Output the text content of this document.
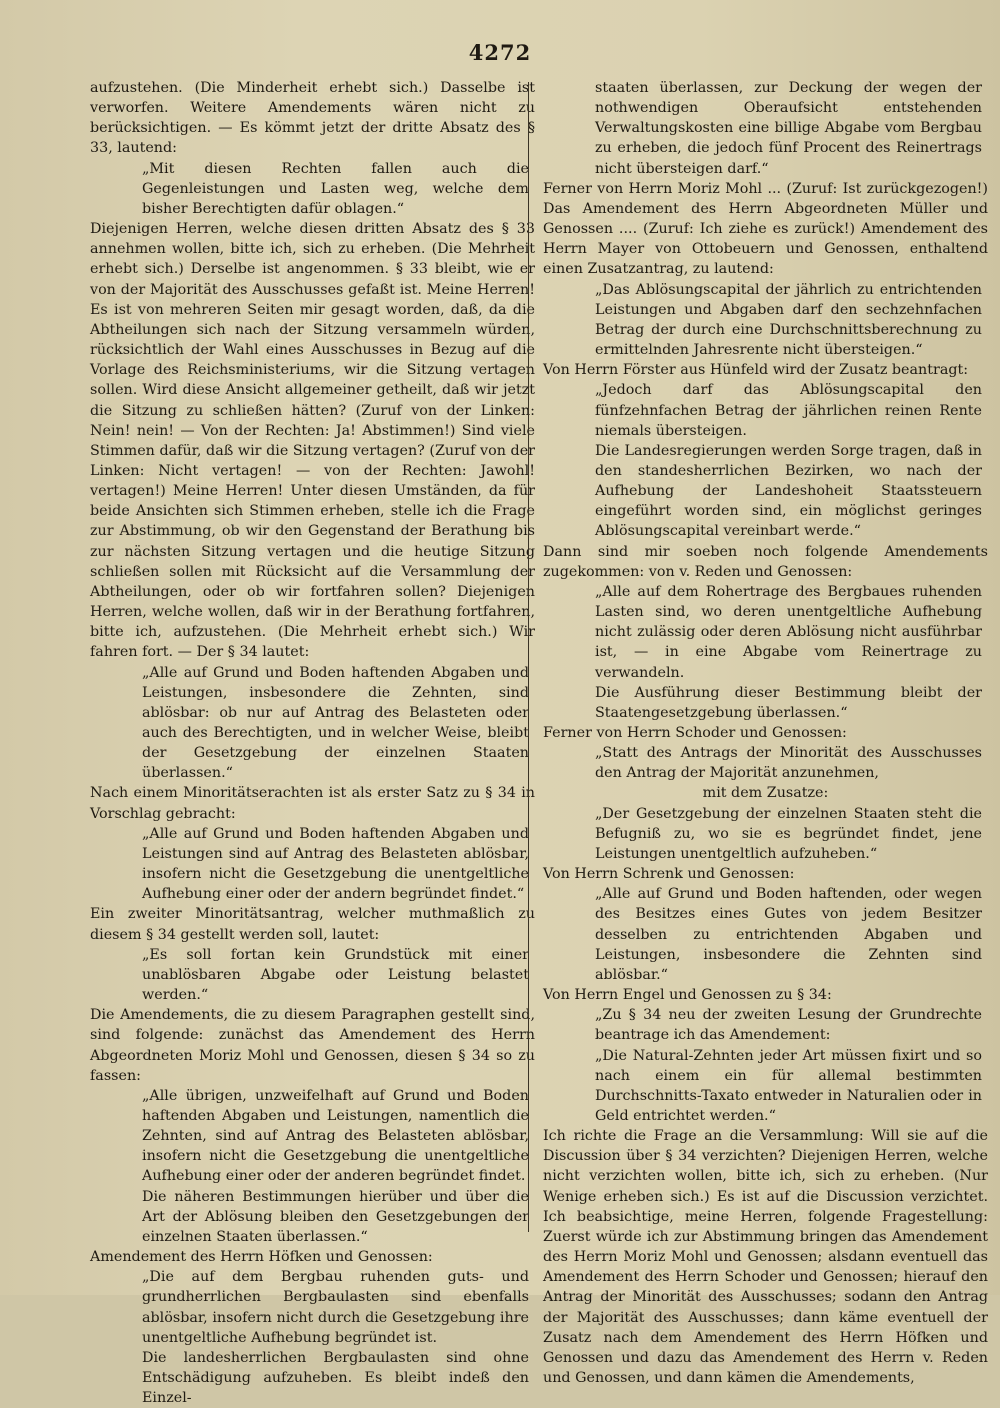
4272

aufzustehen. (Die Minderheit erhebt sich.) Dasselbe ist verworfen. Weitere Amendements wären nicht zu berücksichtigen. — Es kömmt jetzt der dritte Absatz des § 33, lautend:

„Mit diesen Rechten fallen auch die Gegenleistungen und Lasten weg, welche dem bisher Berechtigten dafür oblagen.“

Diejenigen Herren, welche diesen dritten Absatz des § 33 annehmen wollen, bitte ich, sich zu erheben. (Die Mehrheit erhebt sich.) Derselbe ist angenommen. § 33 bleibt, wie er von der Majorität des Ausschusses gefaßt ist. Meine Herren! Es ist von mehreren Seiten mir gesagt worden, daß, da die Abtheilungen sich nach der Sitzung versammeln würden, rücksichtlich der Wahl eines Ausschusses in Bezug auf die Vorlage des Reichsministeriums, wir die Sitzung vertagen sollen. Wird diese Ansicht allgemeiner getheilt, daß wir jetzt die Sitzung zu schließen hätten? (Zuruf von der Linken: Nein! nein! — Von der Rechten: Ja! Abstimmen!) Sind viele Stimmen dafür, daß wir die Sitzung vertagen? (Zuruf von der Linken: Nicht vertagen! — von der Rechten: Jawohl! vertagen!) Meine Herren! Unter diesen Umständen, da für beide Ansichten sich Stimmen erheben, stelle ich die Frage zur Abstimmung, ob wir den Gegenstand der Berathung bis zur nächsten Sitzung vertagen und die heutige Sitzung schließen sollen mit Rücksicht auf die Versammlung der Abtheilungen, oder ob wir fortfahren sollen? Diejenigen Herren, welche wollen, daß wir in der Berathung fortfahren, bitte ich, aufzustehen. (Die Mehrheit erhebt sich.) Wir fahren fort. — Der § 34 lautet:

„Alle auf Grund und Boden haftenden Abgaben und Leistungen, insbesondere die Zehnten, sind ablösbar: ob nur auf Antrag des Belasteten oder auch des Berechtigten, und in welcher Weise, bleibt der Gesetzgebung der einzelnen Staaten überlassen.“

Nach einem Minoritätserachten ist als erster Satz zu § 34 in Vorschlag gebracht:

„Alle auf Grund und Boden haftenden Abgaben und Leistungen sind auf Antrag des Belasteten ablösbar, insofern nicht die Gesetzgebung die unentgeltliche Aufhebung einer oder der andern begründet findet.“

Ein zweiter Minoritätsantrag, welcher muthmaßlich zu diesem § 34 gestellt werden soll, lautet:

„Es soll fortan kein Grundstück mit einer unablösbaren Abgabe oder Leistung belastet werden.“

Die Amendements, die zu diesem Paragraphen gestellt sind, sind folgende: zunächst das Amendement des Herrn Abgeordneten Moriz Mohl und Genossen, diesen § 34 so zu fassen:

„Alle übrigen, unzweifelhaft auf Grund und Boden haftenden Abgaben und Leistungen, namentlich die Zehnten, sind auf Antrag des Belasteten ablösbar, insofern nicht die Gesetzgebung die unentgeltliche Aufhebung einer oder der anderen begründet findet.

Die näheren Bestimmungen hierüber und über die Art der Ablösung bleiben den Gesetzgebungen der einzelnen Staaten überlassen.“

Amendement des Herrn Höfken und Genossen:

„Die auf dem Bergbau ruhenden guts- und grundherrlichen Bergbaulasten sind ebenfalls ablösbar, insofern nicht durch die Gesetzgebung ihre unentgeltliche Aufhebung begründet ist.

Die landesherrlichen Bergbaulasten sind ohne Entschädigung aufzuheben. Es bleibt indeß den Einzel-

staaten überlassen, zur Deckung der wegen der nothwendigen Oberaufsicht entstehenden Verwaltungskosten eine billige Abgabe vom Bergbau zu erheben, die jedoch fünf Procent des Reinertrags nicht übersteigen darf.“

Ferner von Herrn Moriz Mohl ... (Zuruf: Ist zurückgezogen!) Das Amendement des Herrn Abgeordneten Müller und Genossen .... (Zuruf: Ich ziehe es zurück!) Amendement des Herrn Mayer von Ottobeuern und Genossen, enthaltend einen Zusatzantrag, zu lautend:

„Das Ablösungscapital der jährlich zu entrichtenden Leistungen und Abgaben darf den sechzehnfachen Betrag der durch eine Durchschnittsberechnung zu ermittelnden Jahresrente nicht übersteigen.“

Von Herrn Förster aus Hünfeld wird der Zusatz beantragt:

„Jedoch darf das Ablösungscapital den fünfzehnfachen Betrag der jährlichen reinen Rente niemals übersteigen.

Die Landesregierungen werden Sorge tragen, daß in den standesherrlichen Bezirken, wo nach der Aufhebung der Landeshoheit Staatssteuern eingeführt worden sind, ein möglichst geringes Ablösungscapital vereinbart werde.“

Dann sind mir soeben noch folgende Amendements zugekommen: von v. Reden und Genossen:

„Alle auf dem Rohertrage des Bergbaues ruhenden Lasten sind, wo deren unentgeltliche Aufhebung nicht zulässig oder deren Ablösung nicht ausführbar ist, — in eine Abgabe vom Reinertrage zu verwandeln.

Die Ausführung dieser Bestimmung bleibt der Staatengesetzgebung überlassen.“

Ferner von Herrn Schoder und Genossen:

„Statt des Antrags der Minorität des Ausschusses den Antrag der Majorität anzunehmen,

mit dem Zusatze:

„Der Gesetzgebung der einzelnen Staaten steht die Befugniß zu, wo sie es begründet findet, jene Leistungen unentgeltlich aufzuheben.“

Von Herrn Schrenk und Genossen:

„Alle auf Grund und Boden haftenden, oder wegen des Besitzes eines Gutes von jedem Besitzer desselben zu entrichtenden Abgaben und Leistungen, insbesondere die Zehnten sind ablösbar.“

Von Herrn Engel und Genossen zu § 34:

„Zu § 34 neu der zweiten Lesung der Grundrechte beantrage ich das Amendement:

„Die Natural-Zehnten jeder Art müssen fixirt und so nach einem ein für allemal bestimmten Durchschnitts-Taxato entweder in Naturalien oder in Geld entrichtet werden.“

Ich richte die Frage an die Versammlung: Will sie auf die Discussion über § 34 verzichten? Diejenigen Herren, welche nicht verzichten wollen, bitte ich, sich zu erheben. (Nur Wenige erheben sich.) Es ist auf die Discussion verzichtet. Ich beabsichtige, meine Herren, folgende Fragestellung: Zuerst würde ich zur Abstimmung bringen das Amendement des Herrn Moriz Mohl und Genossen; alsdann eventuell das Amendement des Herrn Schoder und Genossen; hierauf den Antrag der Minorität des Ausschusses; sodann den Antrag der Majorität des Ausschusses; dann käme eventuell der Zusatz nach dem Amendement des Herrn Höfken und Genossen und dazu das Amendement des Herrn v. Reden und Genossen, und dann kämen die Amendements,
